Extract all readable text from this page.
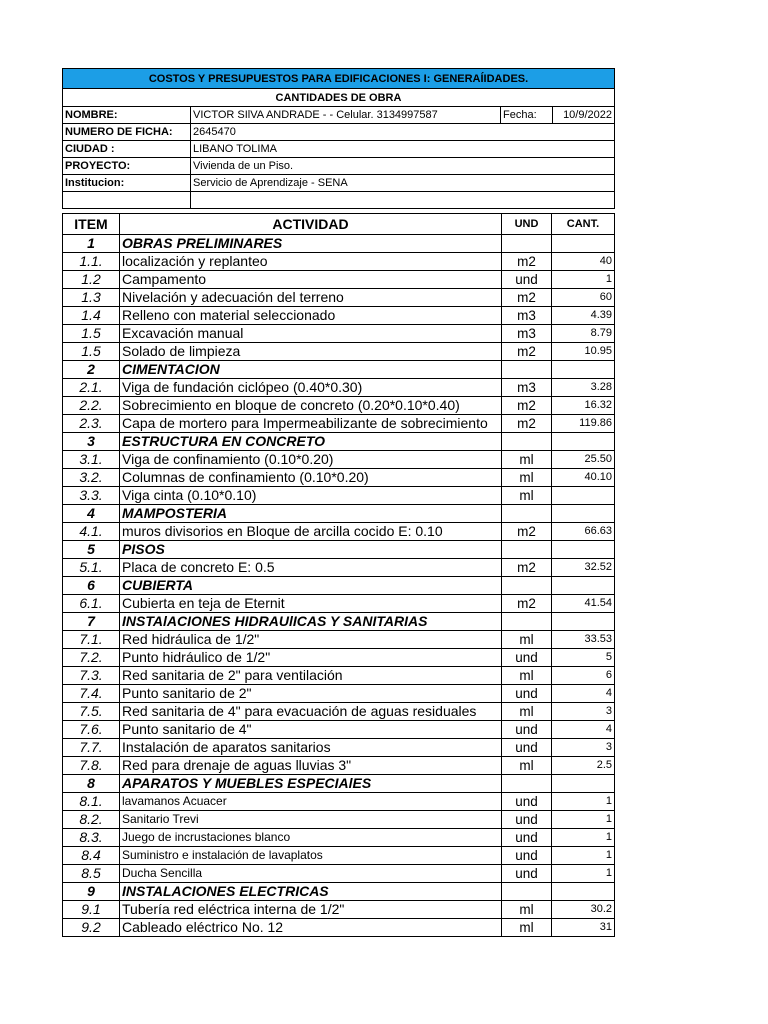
COSTOS Y PRESUPUESTOS PARA EDIFICACIONES I: GENERAÍIDADES.			
CANTIDADES DE OBRA			
NOMBRE:	VICTOR SIlVA ANDRADE - - Celular. 3134997587	Fecha:	10/9/2022
NUMERO DE FICHA:	2645470		
CIUDAD :	LIBANO TOLIMA		
PROYECTO:	Vivienda de un Piso.		
Institucion:	Servicio de Aprendizaje - SENA		

ITEM	ACTIVIDAD	UND	CANT.
1	OBRAS PRELIMINARES		
1.1.	localización y replanteo	m2	40
1.2	Campamento	und	1
1.3	Nivelación y adecuación del terreno	m2	60
1.4	Relleno con material seleccionado	m3	4.39
1.5	Excavación manual	m3	8.79
1.5	Solado de limpieza	m2	10.95
2	CIMENTACION		
2.1.	Viga de fundación ciclópeo (0.40*0.30)	m3	3.28
2.2.	Sobrecimiento en bloque de concreto (0.20*0.10*0.40)	m2	16.32
2.3.	Capa de mortero para Impermeabilizante de sobrecimiento	m2	119.86
3	ESTRUCTURA EN CONCRETO		
3.1.	Viga de confinamiento (0.10*0.20)	ml	25.50
3.2.	Columnas de confinamiento (0.10*0.20)	ml	40.10
3.3.	Viga cinta (0.10*0.10)	ml	
4	MAMPOSTERIA		
4.1.	muros divisorios en Bloque de arcilla cocido E: 0.10	m2	66.63
5	PISOS		
5.1.	Placa de concreto E: 0.5	m2	32.52
6	CUBIERTA		
6.1.	Cubierta en teja de Eternit	m2	41.54
7	INSTAlACIONES HIDRAUlICAS Y SANITARIAS		
7.1.	Red hidráulica de 1/2"	ml	33.53
7.2.	Punto hidráulico de 1/2"	und	5
7.3.	Red sanitaria de 2" para ventilación	ml	6
7.4.	Punto sanitario de 2"	und	4
7.5.	Red sanitaria de 4" para evacuación de aguas residuales	ml	3
7.6.	Punto sanitario de 4"	und	4
7.7.	Instalación de aparatos sanitarios	und	3
7.8.	Red para drenaje de aguas lluvias 3"	ml	2.5
8	APARATOS Y MUEBLES ESPECIAlES		
8.1.	lavamanos Acuacer	und	1
8.2.	Sanitario Trevi	und	1
8.3.	Juego de incrustaciones blanco	und	1
8.4	Suministro e instalación de lavaplatos	und	1
8.5	Ducha Sencilla	und	1
9	INSTALACIONES ELECTRICAS		
9.1	Tubería red eléctrica interna de 1/2"	ml	30.2
9.2	Cableado eléctrico No. 12	ml	31
